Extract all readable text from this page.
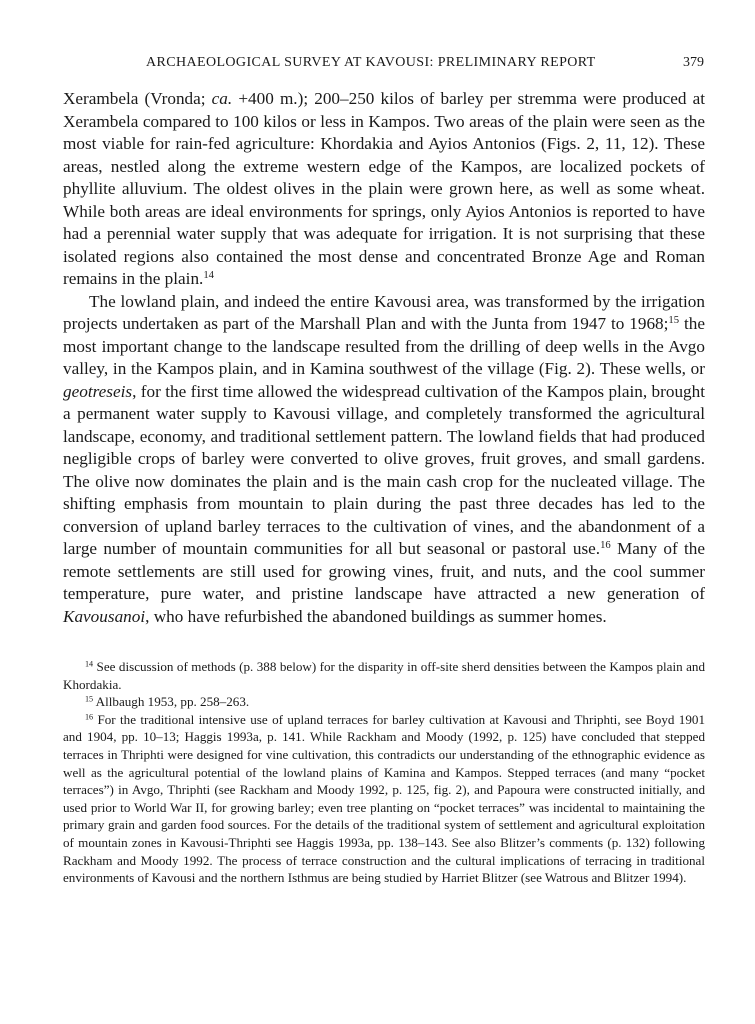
ARCHAEOLOGICAL SURVEY AT KAVOUSI: PRELIMINARY REPORT	379

Xerambela (Vronda; ca. +400 m.); 200–250 kilos of barley per stremma were produced at Xerambela compared to 100 kilos or less in Kampos. Two areas of the plain were seen as the most viable for rain-fed agriculture: Khordakia and Ayios Antonios (Figs. 2, 11, 12). These areas, nestled along the extreme western edge of the Kampos, are localized pockets of phyllite alluvium. The oldest olives in the plain were grown here, as well as some wheat. While both areas are ideal environments for springs, only Ayios Antonios is reported to have had a perennial water supply that was adequate for irrigation. It is not surprising that these isolated regions also contained the most dense and concentrated Bronze Age and Roman remains in the plain.$^{14}$

The lowland plain, and indeed the entire Kavousi area, was transformed by the irrigation projects undertaken as part of the Marshall Plan and with the Junta from 1947 to 1968;$^{15}$ the most important change to the landscape resulted from the drilling of deep wells in the Avgo valley, in the Kampos plain, and in Kamina southwest of the village (Fig. 2). These wells, or geotreseis, for the first time allowed the widespread cultivation of the Kampos plain, brought a permanent water supply to Kavousi village, and completely transformed the agricultural landscape, economy, and traditional settlement pattern. The lowland fields that had produced negligible crops of barley were converted to olive groves, fruit groves, and small gardens. The olive now dominates the plain and is the main cash crop for the nucleated village. The shifting emphasis from mountain to plain during the past three decades has led to the conversion of upland barley terraces to the cultivation of vines, and the abandonment of a large number of mountain communities for all but seasonal or pastoral use.$^{16}$ Many of the remote settlements are still used for growing vines, fruit, and nuts, and the cool summer temperature, pure water, and pristine landscape have attracted a new generation of Kavousanoi, who have refurbished the abandoned buildings as summer homes.

$^{14}$ See discussion of methods (p. 388 below) for the disparity in off-site sherd densities between the Kampos plain and Khordakia.

$^{15}$ Allbaugh 1953, pp. 258–263.

$^{16}$ For the traditional intensive use of upland terraces for barley cultivation at Kavousi and Thriphti, see Boyd 1901 and 1904, pp. 10–13; Haggis 1993a, p. 141. While Rackham and Moody (1992, p. 125) have concluded that stepped terraces in Thriphti were designed for vine cultivation, this contradicts our understanding of the ethnographic evidence as well as the agricultural potential of the lowland plains of Kamina and Kampos. Stepped terraces (and many “pocket terraces”) in Avgo, Thriphti (see Rackham and Moody 1992, p. 125, fig. 2), and Papoura were constructed initially, and used prior to World War II, for growing barley; even tree planting on “pocket terraces” was incidental to maintaining the primary grain and garden food sources. For the details of the traditional system of settlement and agricultural exploitation of mountain zones in Kavousi-Thriphti see Haggis 1993a, pp. 138–143. See also Blitzer’s comments (p. 132) following Rackham and Moody 1992. The process of terrace construction and the cultural implications of terracing in traditional environments of Kavousi and the northern Isthmus are being studied by Harriet Blitzer (see Watrous and Blitzer 1994).
